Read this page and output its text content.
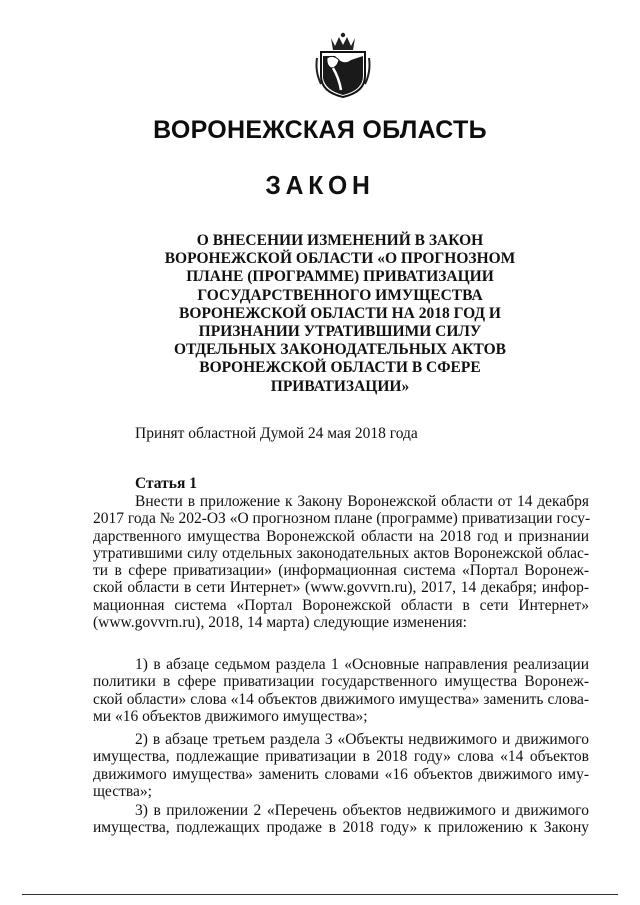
ВОРОНЕЖСКАЯ ОБЛАСТЬ
ЗАКОН
О ВНЕСЕНИИ ИЗМЕНЕНИЙ В ЗАКОН
ВОРОНЕЖСКОЙ ОБЛАСТИ «О ПРОГНОЗНОМ
ПЛАНЕ (ПРОГРАММЕ) ПРИВАТИЗАЦИИ
ГОСУДАРСТВЕННОГО ИМУЩЕСТВА
ВОРОНЕЖСКОЙ ОБЛАСТИ НА 2018 ГОД И
ПРИЗНАНИИ УТРАТИВШИМИ СИЛУ
ОТДЕЛЬНЫХ ЗАКОНОДАТЕЛЬНЫХ АКТОВ
ВОРОНЕЖСКОЙ ОБЛАСТИ В СФЕРЕ
ПРИВАТИЗАЦИИ»
Принят областной Думой 24 мая 2018 года
Статья 1
Внести в приложение к Закону Воронежской области от 14 декабря
2017 года № 202-ОЗ «О прогнозном плане (программе) приватизации госу-
дарственного имущества Воронежской области на 2018 год и признании
утратившими силу отдельных законодательных актов Воронежской облас-
ти в сфере приватизации» (информационная система «Портал Воронеж-
ской области в сети Интернет» (www.govvrn.ru), 2017, 14 декабря; инфор-
мационная система «Портал Воронежской области в сети Интернет»
(www.govvrn.ru), 2018, 14 марта) следующие изменения:
1) в абзаце седьмом раздела 1 «Основные направления реализации
политики в сфере приватизации государственного имущества Воронеж-
ской области» слова «14 объектов движимого имущества» заменить слова-
ми «16 объектов движимого имущества»;
2) в абзаце третьем раздела 3 «Объекты недвижимого и движимого
имущества, подлежащие приватизации в 2018 году» слова «14 объектов
движимого имущества» заменить словами «16 объектов движимого иму-
щества»;
3) в приложении 2 «Перечень объектов недвижимого и движимого
имущества, подлежащих продаже в 2018 году» к приложению к Закону
